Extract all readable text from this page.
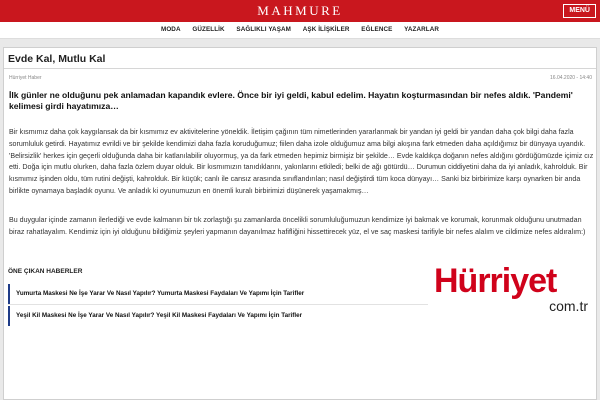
MAHMURE	MENÜ
MODA GÜZELLİK SAĞLIKLI YAŞAM AŞK İLİŞKİLER EĞLENCE YAZARLAR
Evde Kal, Mutlu Kal
Hürriyet Haber	16.04.2020 - 14:40

İlk günler ne olduğunu pek anlamadan kapandık evlere. Önce bir iyi geldi, kabul edelim. Hayatın koşturmasından bir nefes aldık. 'Pandemi' kelimesi girdi hayatımıza…

Bir kısmımız daha çok kaygılansak da bir kısmımız ev aktivitelerine yöneldik. İletişim çağının tüm nimetlerinden yararlanmak bir yandan iyi geldi bir yandan daha çok bilgi daha fazla sorumluluk getirdi. Hayatımız evrildi ve bir şekilde kendimizi daha fazla koruduğumuz; fiilen daha izole olduğumuz ama bilgi akışına fark etmeden daha açıldığımız bir dünyaya uyandık. 'Belirsizlik' herkes için geçerli olduğunda daha bir katlanılabilir oluyormuş, ya da fark etmeden hepimiz birmişiz bir şekilde… Evde kaldıkça doğanın nefes aldığını gördüğümüzde içimiz cız etti. Doğa için mutlu olurken, daha fazla özlem duyar olduk. Bir kısmımızın tanıdıklarını, yakınlarını etkiledi; belki de ağı götürdü… Durumun ciddiyetini daha da iyi anladık, kahrolduk. Bir kısmımız işinden oldu, tüm rutini değişti, kahrolduk. Bir küçük; canlı ile cansız arasında sınıflandırılan; nasıl değiştirdi tüm koca dünyayı… Sanki biz birbirimize karşı oynarken bir anda birlikte oynamaya başladık oyunu. Ve anladık ki oyunumuzun en önemli kuralı birbirimizi düşünerek yaşamakmış…

Bu duygular içinde zamanın ilerlediği ve evde kalmanın bir tık zorlaştığı şu zamanlarda öncelikli sorumluluğumuzun kendimize iyi bakmak ve korumak, korunmak olduğunu unutmadan biraz rahatlayalım. Kendimiz için iyi olduğunu bildiğimiz şeyleri yapmanın dayanılmaz hafifliğini hissettirecek yüz, el ve saç maskesi tarifiyle bir nefes alalım ve cildimize nefes aldıralım:)

ÖNE ÇIKAN HABERLER
Yumurta Maskesi Ne İşe Yarar Ve Nasıl Yapılır? Yumurta Maskesi Faydaları Ve Yapımı İçin Tarifler
Yeşil Kil Maskesi Ne İşe Yarar Ve Nasıl Yapılır? Yeşil Kil Maskesi Faydaları Ve Yapımı İçin Tarifler
Hürriyet
com.tr
